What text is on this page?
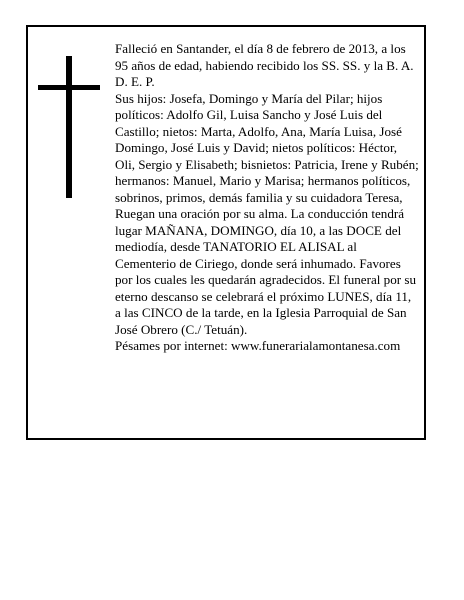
Falleció en Santander, el día 8 de febrero de 2013, a los 95 años de edad, habiendo recibido los SS. SS. y la B. A.

D. E. P.

Sus hijos: Josefa, Domingo y María del Pilar; hijos políticos: Adolfo Gil, Luisa Sancho y José Luis del Castillo; nietos: Marta, Adolfo, Ana, María Luisa, José Domingo, José Luis y David; nietos políticos: Héctor, Oli, Sergio y Elisabeth; bisnietos: Patricia, Irene y Rubén; hermanos: Manuel, Mario y Marisa; hermanos políticos, sobrinos, primos, demás familia y su cuidadora Teresa,

Ruegan una oración por su alma. La conducción tendrá lugar MAÑANA, DOMINGO, día 10, a las DOCE del mediodía, desde TANATORIO EL ALISAL al Cementerio de Ciriego, donde será inhumado. Favores por los cuales les quedarán agradecidos. El funeral por su eterno descanso se celebrará el próximo LUNES, día 11, a las CINCO de la tarde, en la Iglesia Parroquial de San José Obrero (C./ Tetuán).

Pésames por internet: www.funerarialamontanesa.com
